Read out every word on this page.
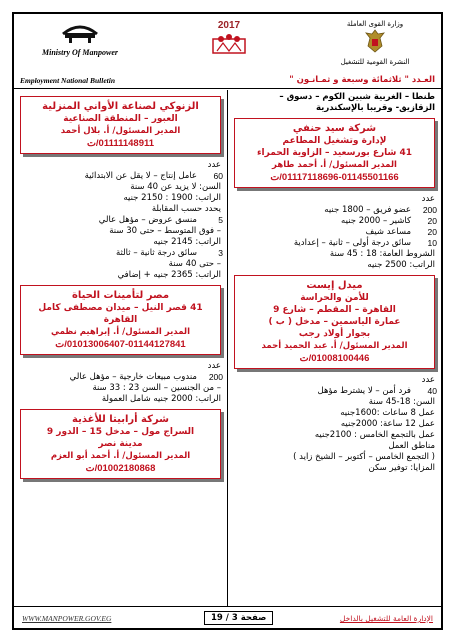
Ministry Of Manpower
2017	وزارة القوى العاملة
النشرة القومية للتشغيل
Employment National Bulletin	العـدد " ثلاثمائة وسبعة و ثمـانـون "

طنطا – الغربية شبين الكوم – دسوق –

الزقازيق- وقريبا بالإسكندرية

شركة سيد حنفي
لإدارة وتشغيل المطاعم
41 شارع بورسعيد – الزاوية الحمراء
المدير المسئول/ أ. أحمد طاهر
01117118696-01145501166/ت

عدد

200
عضو فريق – 1800 جنيه
20
كاشير – 2000 جنيه
20
مساعد شيف
10
سائق درجة أولى – ثانية – إعدادية

الشروط العامة: 18 : 45 سنة

الراتب: 2500 جنيه

ميدل إيست
للأمن والحراسة
القاهرة – المقطم – شارع 9
عمارة الياسمين – مدخل ( ب )
بجوار أولاد رجب
المدير المسئول/ أ. عبد الحميد أحمد
01008100446/ت

عدد

40
فرد أمن – لا يشترط مؤهل

السن: 18-45 سنة

عمل 8 ساعات :1600جنيه

عمل 12 ساعة: 2000جنيه

عمل بالتجمع الخامس : 2100جنيه

مناطق العمل

( التجمع الخامس – أكتوبر – الشيخ زايد )

المزايا: توفير سكن

الزنوكي لصناعة الأواني المنزلية
العبور – المنطقة الصناعية
المدير المسئول/ أ. بلال أحمد
01111148911/ت

عدد

60
عامل إنتاج – لا يقل عن الابتدائية

السن: لا يزيد عن 40 سنة

الراتب: 1900 : 2150 جنيه

يحدد حسب المقابلة

5
منسق عروض – مؤهل عالي

– فوق المتوسط – حتى 30 سنة

الراتب: 2145 جنيه

3
سائق درجة ثانية – ثالثة

– حتى 40 سنة

الراتب: 2365 جنيه + إضافي

مصر لتأمينات الحياة
41 قصر النيل – ميدان مصطفى كامل
القاهرة
المدير المسئول/ أ. إبراهيم نظمي
01013006407-01144127841/ت

عدد

200
مندوب مبيعات خارجية – مؤهل عالي

– من الجنسين – السن 23 : 33 سنة

الراتب: 2000 جنيه شامل العمولة

شركة أرابيتا للأغذية
السراج مول – مدخل 15 – الدور 9
مدينة نصر
المدير المسئول/ أ. أحمد أبو العزم
01002180868/ت
WWW.MANPOWER.GOV.EG	صفحة 3 / 19	الإدارة العامة للتشغيل بالداخل
